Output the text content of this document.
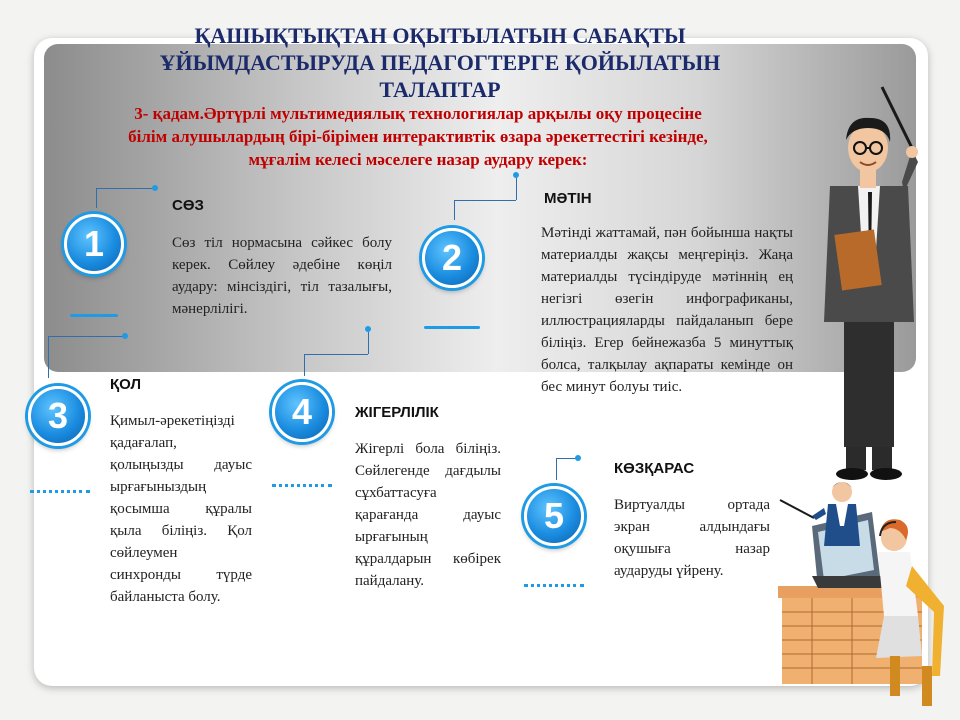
ҚАШЫҚТЫҚТАН ОҚЫТЫЛАТЫН САБАҚТЫ ҰЙЫМДАСТЫРУДА ПЕДАГОГТЕРГЕ ҚОЙЫЛАТЫН ТАЛАПТАР
3- қадам.Әртүрлі мультимедиялық технологиялар арқылы оқу процесіне білім алушылардың бірі-бірімен интерактивтік өзара әрекеттестігі кезінде, мұғалім келесі мәселеге назар аудару керек:
1
СӨЗ
Сөз тіл нормасына сәйкес болу керек. Сөйлеу әдебіне көңіл аудару: мінсіздігі, тіл тазалығы, мәнерлілігі.
2
МӘТІН
Мәтінді жаттамай, пән бойынша нақты материалды жақсы меңгеріңіз. Жаңа материалды түсіндіруде мәтіннің ең негізгі өзегін инфографиканы, иллюстрацияларды пайдаланып бере біліңіз. Егер бейнежазба 5 минуттық болса, талқылау ақпараты кемінде он бес минут болуы тиіс.
3
ҚОЛ
Қимыл-әрекетіңізді қадағалап, қолыңызды дауыс ырғағыныздың қосымша құралы қыла біліңіз. Қол сөйлеумен синхронды түрде байланыста болу.
4	ЖІГЕРЛІЛІК
Жігерлі бола біліңіз. Сөйлегенде дағдылы сұхбаттасуға қарағанда дауыс ырғағының құралдарын көбірек пайдалану.
5
КӨЗҚАРАС
Виртуалды ортада экран алдындағы оқушыға назар аударуды үйрену.
